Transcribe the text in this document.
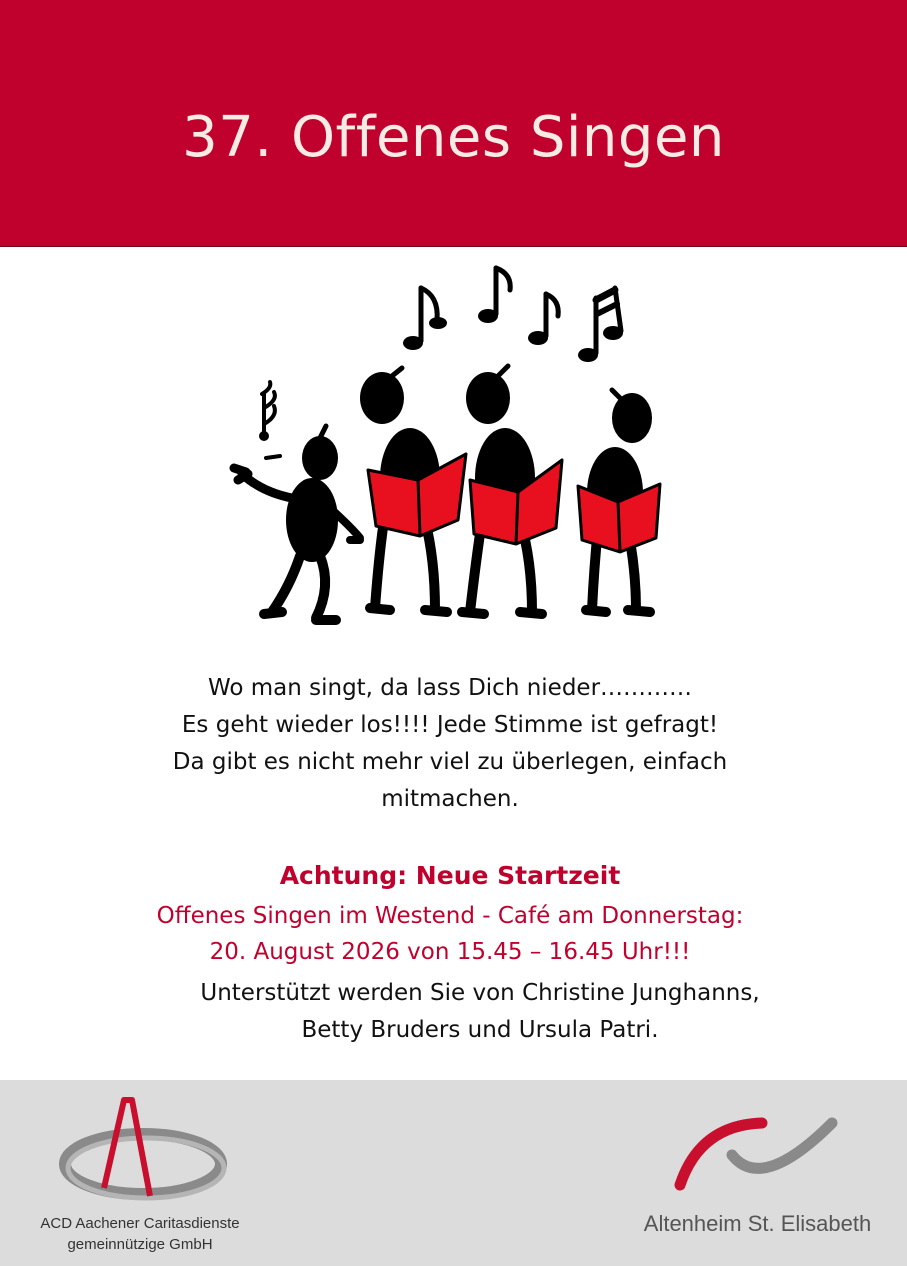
37. Offenes Singen
Wo man singt, da lass Dich nieder…………
Es geht wieder los!!!! Jede Stimme ist gefragt!
Da gibt es nicht mehr viel zu überlegen, einfach
mitmachen.
Achtung: Neue Startzeit
Offenes Singen im Westend - Café am Donnerstag:
20. August 2026 von 15.45 – 16.45 Uhr!!!
Unterstützt werden Sie von Christine Junghanns,
Betty Bruders und Ursula Patri.
ACD Aachener Caritasdienste
gemeinnützige GmbH
Altenheim St. Elisabeth
